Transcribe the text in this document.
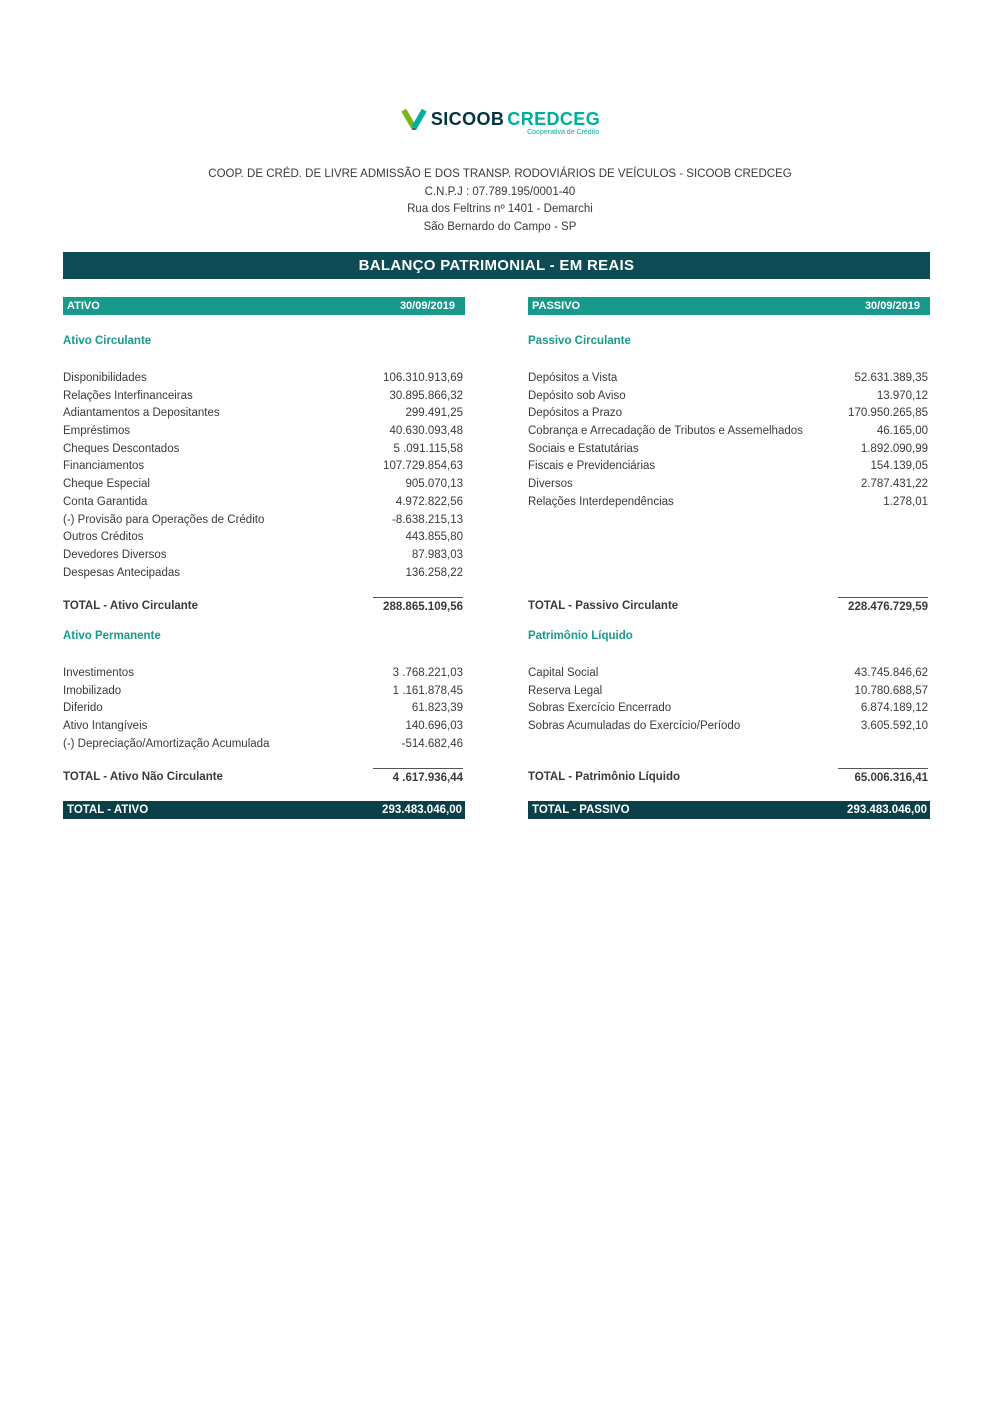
SICOOB CREDCEG
Cooperativa de Crédito
COOP. DE CRÉD. DE LIVRE ADMISSÃO E DOS TRANSP. RODOVIÁRIOS DE VEÍCULOS - SICOOB CREDCEG
C.N.P.J : 07.789.195/0001-40
Rua dos Feltrins nº 1401 - Demarchi
São Bernardo do Campo - SP
BALANÇO PATRIMONIAL - EM REAIS
ATIVO	30/09/2019
Ativo Circulante
Disponibilidades	106.310.913,69
Relações Interfinanceiras	30.895.866,32
Adiantamentos a Depositantes	299.491,25
Empréstimos	40.630.093,48
Cheques Descontados	5 .091.115,58
Financiamentos	107.729.854,63
Cheque Especial	905.070,13
Conta Garantida	4.972.822,56
(-) Provisão para Operações de Crédito	-8.638.215,13
Outros Créditos	443.855,80
Devedores Diversos	87.983,03
Despesas Antecipadas	136.258,22
TOTAL - Ativo Circulante	288.865.109,56
Ativo Permanente
Investimentos	3 .768.221,03
Imobilizado	1 .161.878,45
Diferido	61.823,39
Ativo Intangíveis	140.696,03
(-) Depreciação/Amortização Acumulada	-514.682,46
TOTAL - Ativo Não Circulante	4 .617.936,44
TOTAL - ATIVO	293.483.046,00
PASSIVO	30/09/2019
Passivo Circulante
Depósitos a Vista	52.631.389,35
Depósito sob Aviso	13.970,12
Depósitos a Prazo	170.950.265,85
Cobrança e Arrecadação de Tributos e Assemelhados	46.165,00
Sociais e Estatutárias	1.892.090,99
Fiscais e Previdenciárias	154.139,05
Diversos	2.787.431,22
Relações Interdependências	1.278,01
TOTAL - Passivo Circulante	228.476.729,59
Patrimônio Líquido
Capital Social	43.745.846,62
Reserva Legal	10.780.688,57
Sobras Exercício Encerrado	6.874.189,12
Sobras Acumuladas do Exercício/Período	3.605.592,10
TOTAL - Patrimônio Líquido	65.006.316,41
TOTAL - PASSIVO	293.483.046,00
